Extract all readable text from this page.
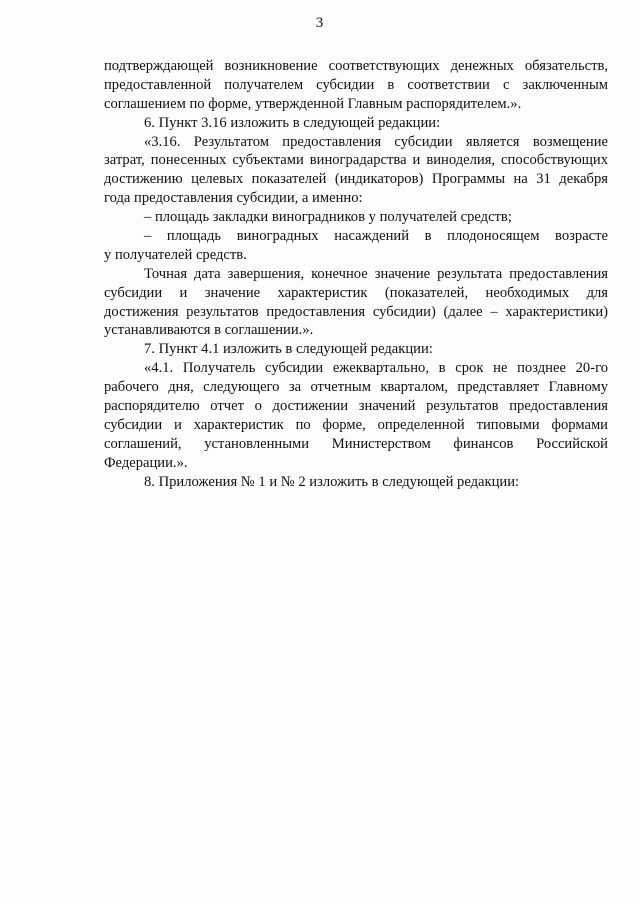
3
подтверждающей возникновение соответствующих денежных обязательств,
предоставленной получателем субсидии в соответствии с заключенным
соглашением по форме, утвержденной Главным распорядителем.».
6. Пункт 3.16 изложить в следующей редакции:
«3.16. Результатом предоставления субсидии является возмещение
затрат, понесенных субъектами виноградарства и виноделия, способствующих
достижению целевых показателей (индикаторов) Программы на 31 декабря
года предоставления субсидии, а именно:
– площадь закладки виноградников у получателей средств;
– площадь виноградных насаждений в плодоносящем возрасте
у получателей средств.
Точная дата завершения, конечное значение результата предоставления
субсидии и значение характеристик (показателей, необходимых для
достижения результатов предоставления субсидии) (далее – характеристики)
устанавливаются в соглашении.».
7. Пункт 4.1 изложить в следующей редакции:
«4.1. Получатель субсидии ежеквартально, в срок не позднее 20-го
рабочего дня, следующего за отчетным кварталом, представляет Главному
распорядителю отчет о достижении значений результатов предоставления
субсидии и характеристик по форме, определенной типовыми формами
соглашений, установленными Министерством финансов Российской
Федерации.».
8. Приложения № 1 и № 2 изложить в следующей редакции:
